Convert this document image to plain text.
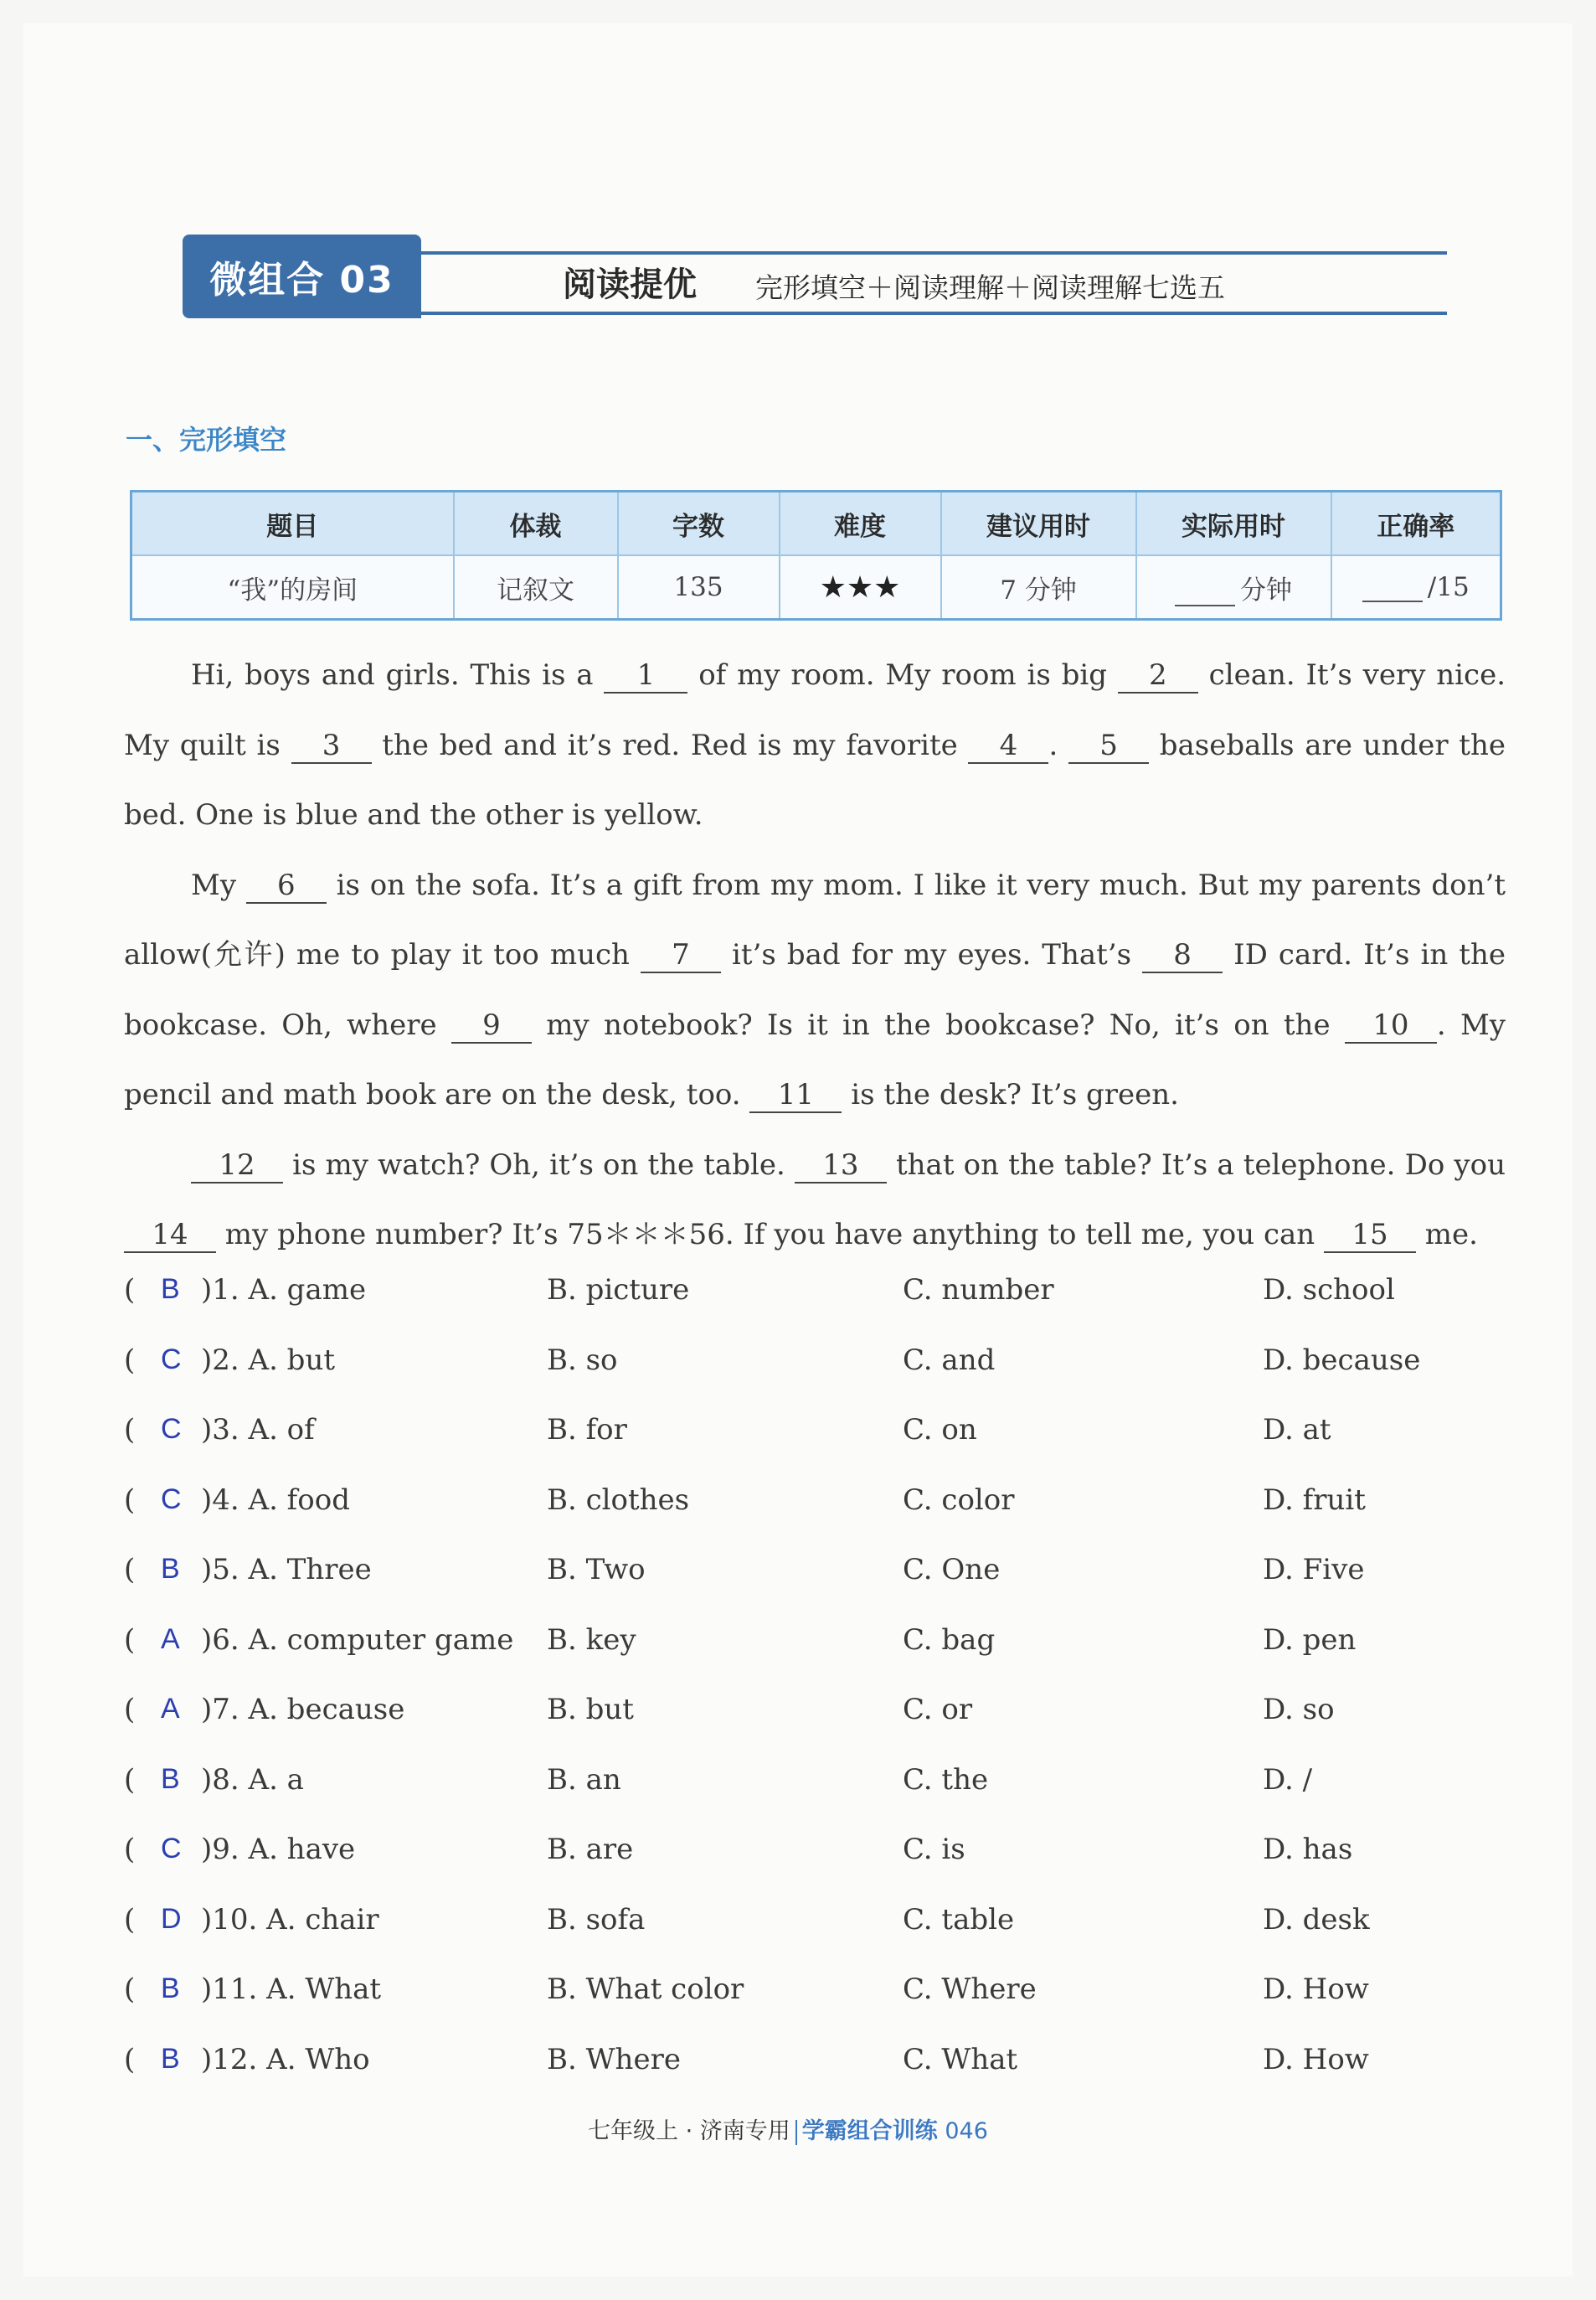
微组合 03	阅读提优 完形填空＋阅读理解＋阅读理解七选五
一、完形填空
题目	体裁	字数	难度	建议用时	实际用时	正确率
“我”的房间	记叙文	135	★★★	7 分钟	分钟	/15

Hi, boys and girls. This is a 1 of my room. My room is big 2 clean. It’s very nice. My quilt is 3 the bed and it’s red. Red is my favorite 4 . 5 baseballs are under the bed. One is blue and the other is yellow.

My 6 is on the sofa. It’s a gift from my mom. I like it very much. But my parents don’t allow(允许) me to play it too much 7 it’s bad for my eyes. That’s 8 ID card. It’s in the bookcase. Oh, where 9 my notebook? Is it in the bookcase? No, it’s on the 10 . My pencil and math book are on the desk, too. 11 is the desk? It’s green.

12 is my watch? Oh, it’s on the table. 13 that on the table? It’s a telephone. Do you 14 my phone number? It’s 75＊＊＊56. If you have anything to tell me, you can 15 me.

( B )1. A. game	B. picture	C. number	D. school
( C )2. A. but	B. so	C. and	D. because
( C )3. A. of	B. for	C. on	D. at
( C )4. A. food	B. clothes	C. color	D. fruit
( B )5. A. Three	B. Two	C. One	D. Five
( A )6. A. computer game B. key	C. bag	D. pen
( A )7. A. because	B. but	C. or	D. so
( B )8. A. a	B. an	C. the	D. /
( C )9. A. have	B. are	C. is	D. has
( D )10. A. chair	B. sofa	C. table	D. desk
( B )11. A. What	B. What color	C. Where	D. How
( B )12. A. Who	B. Where	C. What	D. How
七年级上 · 济南专用 学霸组合训练 046
